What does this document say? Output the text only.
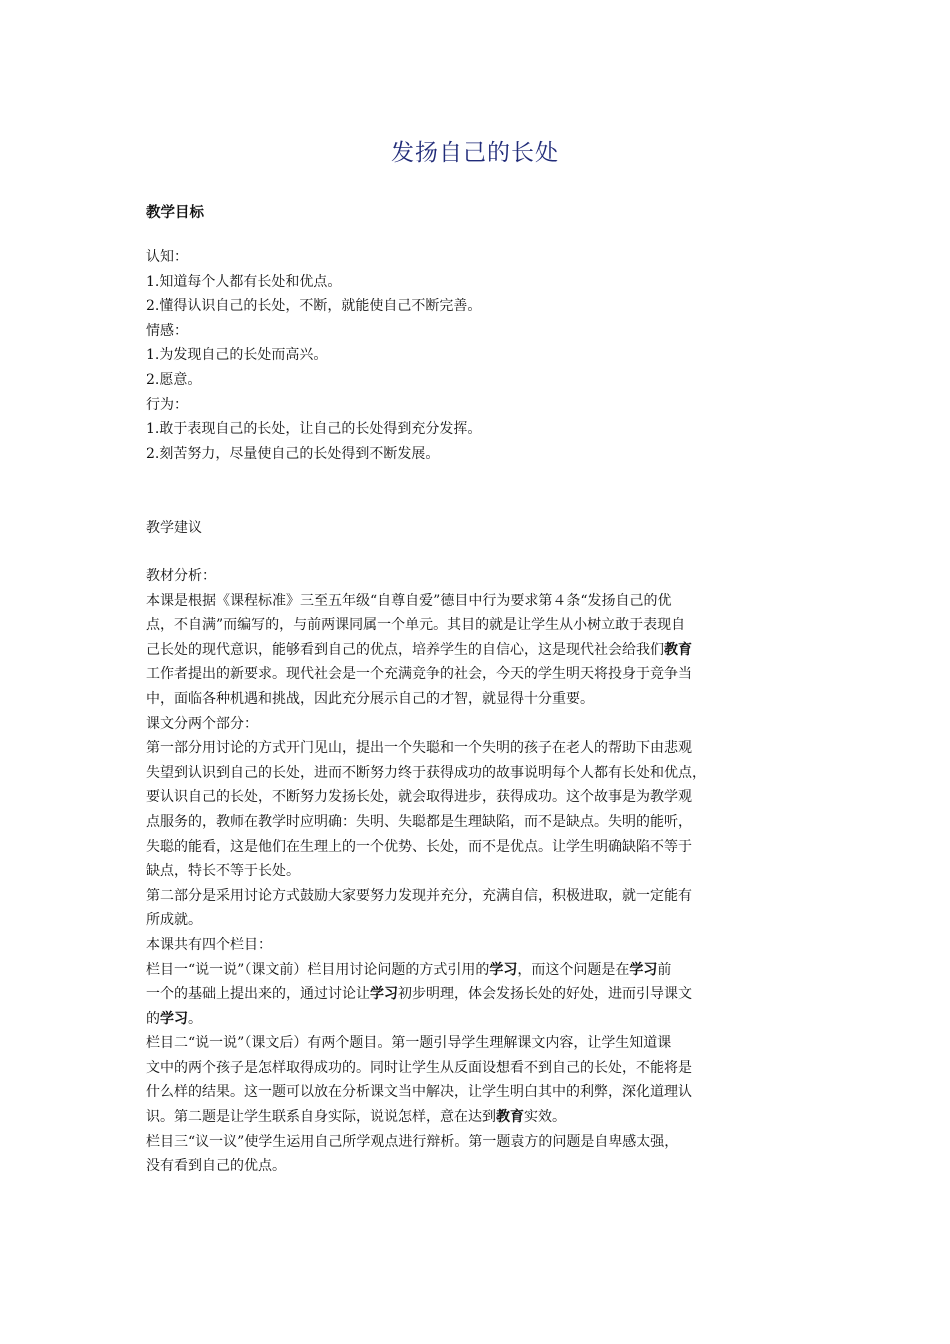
发扬自己的长处
教学目标

认知：

1.知道每个人都有长处和优点。

2.懂得认识自己的长处，不断，就能使自己不断完善。

情感：

1.为发现自己的长处而高兴。

2.愿意。

行为：

1.敢于表现自己的长处，让自己的长处得到充分发挥。

2.刻苦努力，尽量使自己的长处得到不断发展。

教学建议

教材分析：

本课是根据《课程标准》三至五年级“自尊自爱”德目中行为要求第４条“发扬自己的优

点，不自满”而编写的，与前两课同属一个单元。其目的就是让学生从小树立敢于表现自

己长处的现代意识，能够看到自己的优点，培养学生的自信心，这是现代社会给我们教育

工作者提出的新要求。现代社会是一个充满竞争的社会，今天的学生明天将投身于竞争当

中，面临各种机遇和挑战，因此充分展示自己的才智，就显得十分重要。

课文分两个部分：

第一部分用讨论的方式开门见山，提出一个失聪和一个失明的孩子在老人的帮助下由悲观

失望到认识到自己的长处，进而不断努力终于获得成功的故事说明每个人都有长处和优点，

要认识自己的长处，不断努力发扬长处，就会取得进步，获得成功。这个故事是为教学观

点服务的，教师在教学时应明确：失明、失聪都是生理缺陷，而不是缺点。失明的能听，

失聪的能看，这是他们在生理上的一个优势、长处，而不是优点。让学生明确缺陷不等于

缺点，特长不等于长处。

第二部分是采用讨论方式鼓励大家要努力发现并充分，充满自信，积极进取，就一定能有

所成就。

本课共有四个栏目：

栏目一“说一说”（课文前）栏目用讨论问题的方式引用的学习，而这个问题是在学习前

一个的基础上提出来的，通过讨论让学习初步明理，体会发扬长处的好处，进而引导课文

的学习。

栏目二“说一说”（课文后）有两个题目。第一题引导学生理解课文内容，让学生知道课

文中的两个孩子是怎样取得成功的。同时让学生从反面设想看不到自己的长处，不能将是

什么样的结果。这一题可以放在分析课文当中解决，让学生明白其中的利弊，深化道理认

识。第二题是让学生联系自身实际，说说怎样，意在达到教育实效。

栏目三“议一议”使学生运用自己所学观点进行辩析。第一题袁方的问题是自卑感太强，

没有看到自己的优点。
